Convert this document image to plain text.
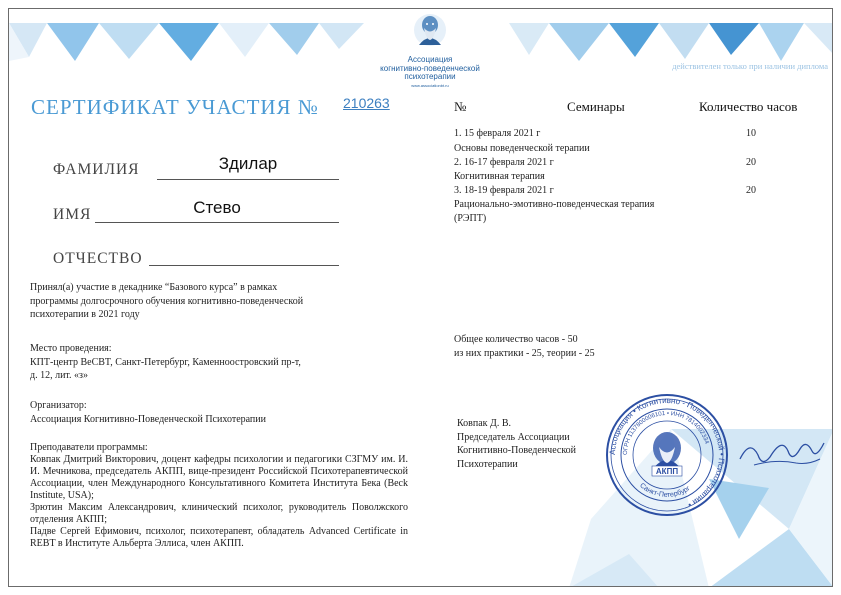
Ассоциация
когнитивно-поведенческой
психотерапии
www.associationbt.ru
действителен только при наличии диплома
СЕРТИФИКАТ УЧАСТИЯ № 210263
ФАМИЛИЯ	Здилар
ИМЯ	Стево
ОТЧЕСТВО
Принял(а) участие в декаднике “Базового курса” в рамках
программы долгосрочного обучения когнитивно-поведенческой
психотерапии в 2021 году
Место проведения:
КПТ-центр BeCBT, Санкт-Петербург, Каменноостровский пр-т,
д. 12, лит. «з»
Организатор:
Ассоциация Когнитивно-Поведенческой Психотерапии
Преподаватели программы:
Ковпак Дмитрий Викторович, доцент кафедры психологии и педагогики СЗГМУ им. И. И. Мечникова, председатель АКПП, вице-президент Российской Психотерапевтической Ассоциации, член Международного Консультативного Комитета Института Бека (Beck Institute, USA);
Зрютин Максим Александрович, клинический психолог, руководитель Поволжского отделения АКПП;
Падве Сергей Ефимович, психолог, психотерапевт, обладатель Advanced Certificate in REBT в Институте Альберта Эллиса, член АКПП.
№	Семинары	Количество часов
1. 15 февраля 2021 г	10
Основы поведенческой терапии
2. 16-17 февраля 2021 г	20
Когнитивная терапия
3. 18-19 февраля 2021 г	20
Рационально-эмотивно-поведенческая терапия
(РЭПТ)
Общее количество часов - 50
из них практики - 25, теории - 25
Ковпак Д. В.
Председатель Ассоциации
Когнитивно-Поведенческой
Психотерапии
Ассоциация • Когнитивно - Поведенческой • Психотерапии •
ОГРН 1137800006101 • ИНН 7814002334
АКПП
Санкт-Петербург
